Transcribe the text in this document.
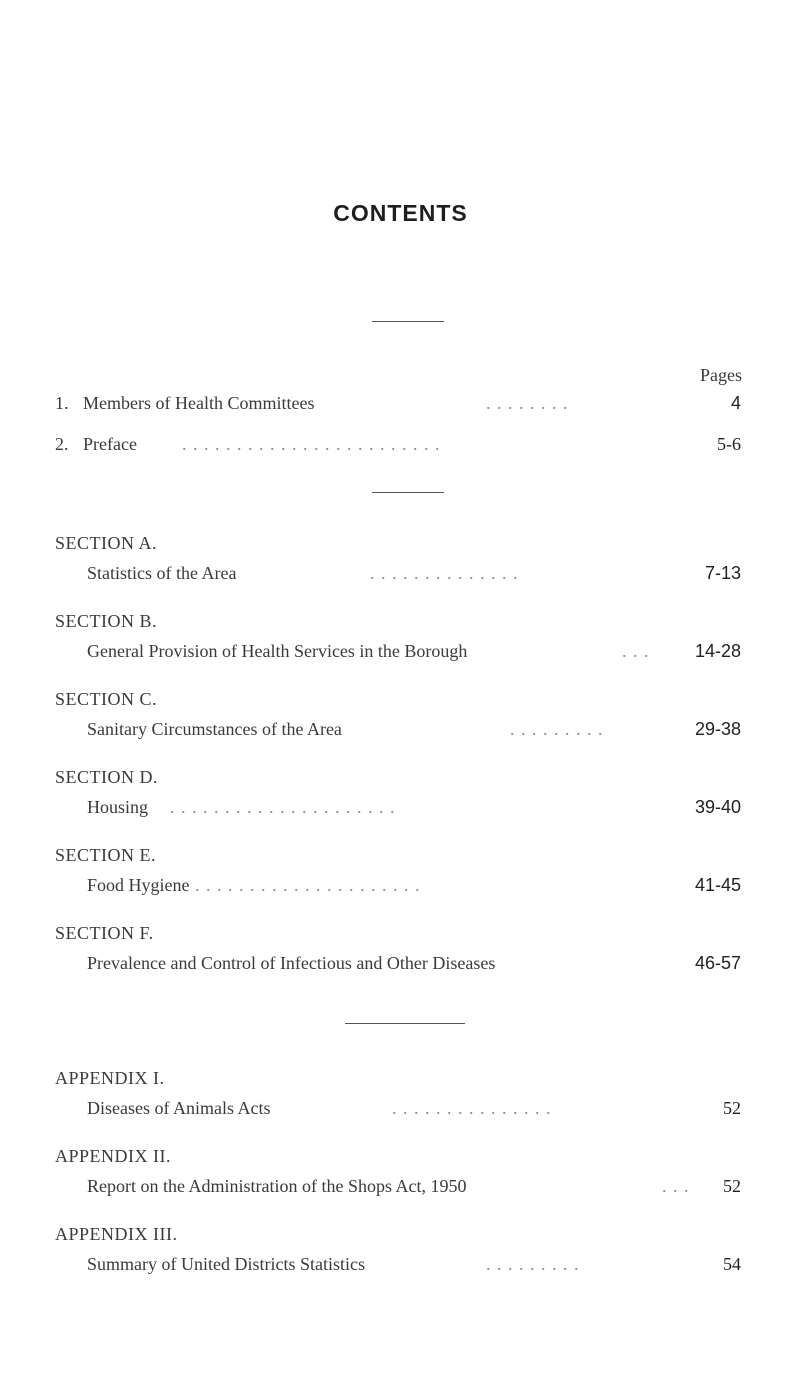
CONTENTS
Pages
1. Members of Health Committees	. . . . . . . .	4
2. Preface	. . . . . . . . . . . . . . . . . . . . . . . .	5-6
SECTION A.
Statistics of the Area	. . . . . . . . . . . . . .	7-13
SECTION B.
General Provision of Health Services in the Borough	. . .	14-28
SECTION C.
Sanitary Circumstances of the Area	. . . . . . . . .	29-38
SECTION D.
Housing . . . . . . . . . . . . . . . . . . . . .	39-40
SECTION E.
Food Hygiene . . . . . . . . . . . . . . . . . . . . .	41-45
SECTION F.
Prevalence and Control of Infectious and Other Diseases	46-57
APPENDIX I.
Diseases of Animals Acts	. . . . . . . . . . . . . . .	52
APPENDIX II.
Report on the Administration of the Shops Act, 1950	. . . 52
APPENDIX III.
Summary of United Districts Statistics	. . . . . . . . .	54
